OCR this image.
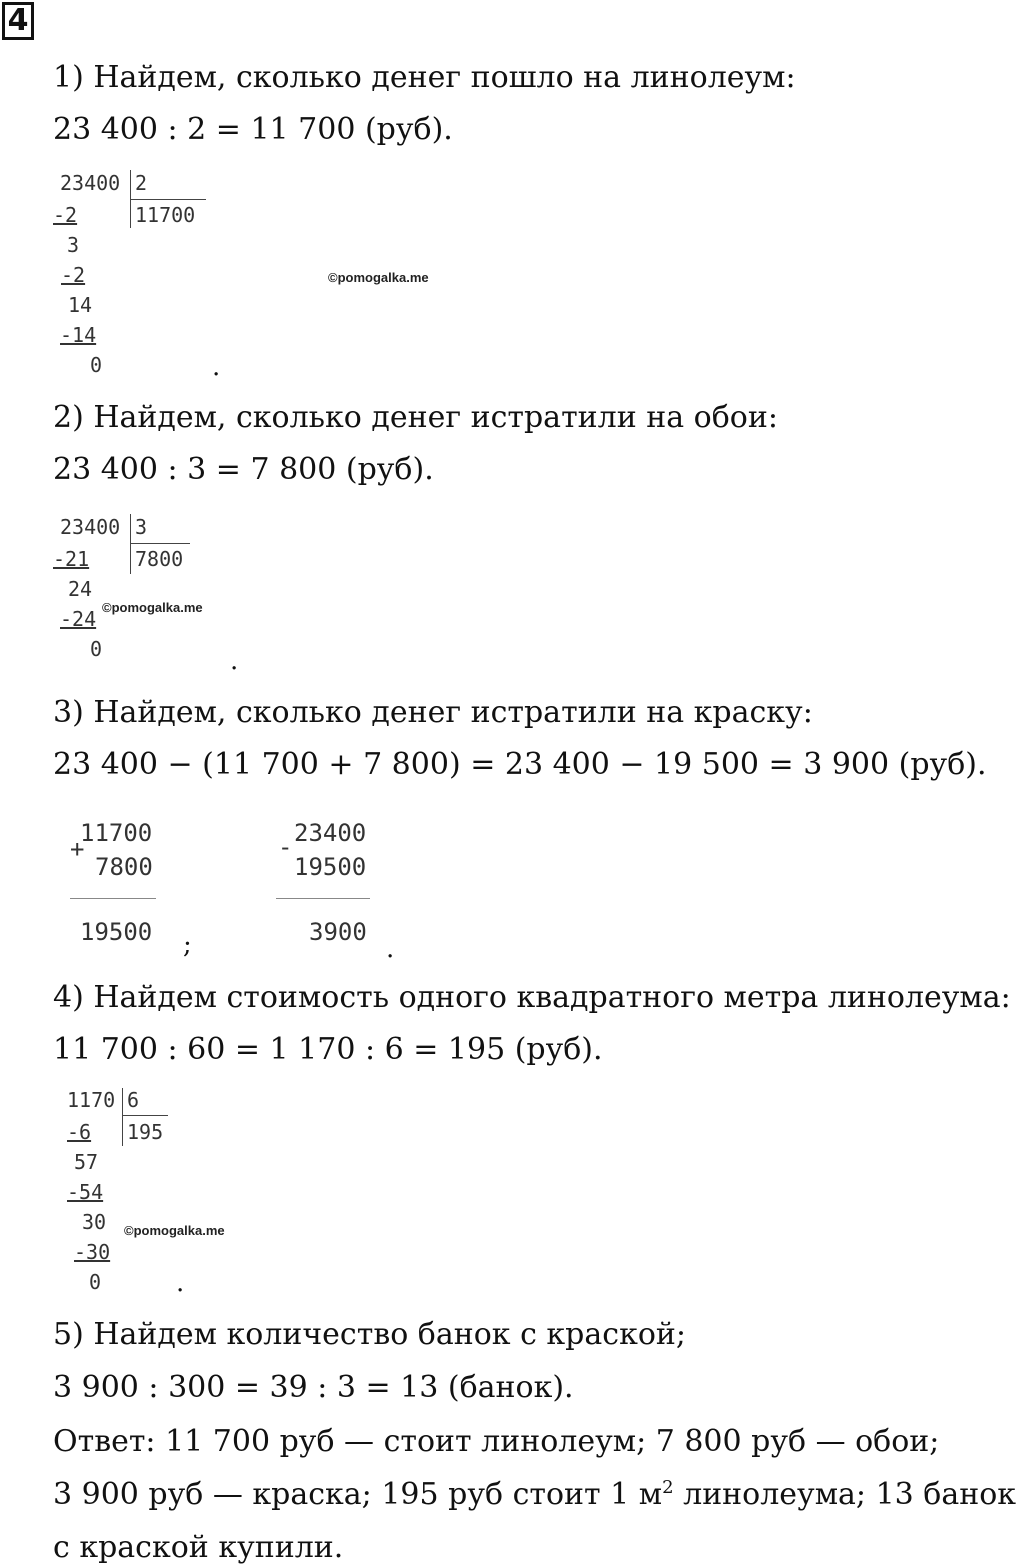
4
1) Найдем, сколько денег пошло на линолеум:
23 400 : 2 = 11 700 (руб).
23400 2
11700
-2
3
-2
14
-14
0
©pomogalka.me
.
2) Найдем, сколько денег истратили на обои:
23 400 : 3 = 7 800 (руб).
23400 3
7800
-21
24
-24
0
©pomogalka.me
.
3) Найдем, сколько денег истратили на краску:
23 400 − (11 700 + 7 800) = 23 400 − 19 500 = 3 900 (руб).
+
11700
7800
19500 ;
- 23400
19500
3900
.
4) Найдем стоимость одного квадратного метра линолеума:
11 700 : 60 = 1 170 : 6 = 195 (руб).
1170 6
195
-6
57
-54
30
-30
0
©pomogalka.me
.
5) Найдем количество банок с краской;
3 900 : 300 = 39 : 3 = 13 (банок).
Ответ: 11 700 руб — стоит линолеум; 7 800 руб — обои;
3 900 руб — краска; 195 руб стоит 1 $м^2$ линолеума; 13 банок
с краской купили.
